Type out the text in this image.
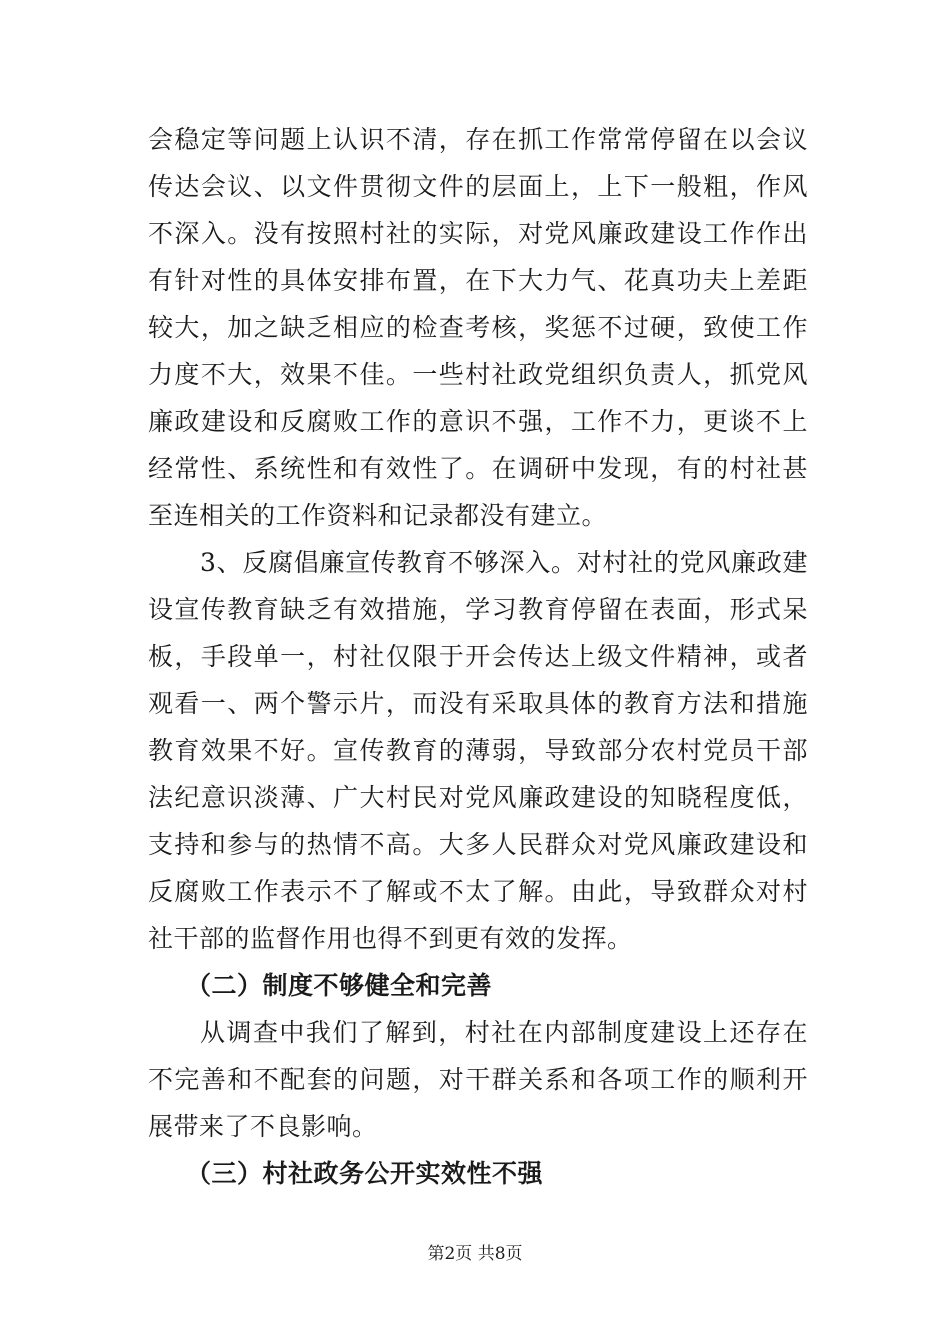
会稳定等问题上认识不清，存在抓工作常常停留在以会议
传达会议、以文件贯彻文件的层面上，上下一般粗，作风
不深入。没有按照村社的实际，对党风廉政建设工作作出
有针对性的具体安排布置，在下大力气、花真功夫上差距
较大，加之缺乏相应的检查考核，奖惩不过硬，致使工作
力度不大，效果不佳。一些村社政党组织负责人，抓党风
廉政建设和反腐败工作的意识不强，工作不力，更谈不上
经常性、系统性和有效性了。在调研中发现，有的村社甚
至连相关的工作资料和记录都没有建立。
3、反腐倡廉宣传教育不够深入。对村社的党风廉政建
设宣传教育缺乏有效措施，学习教育停留在表面，形式呆
板，手段单一，村社仅限于开会传达上级文件精神，或者
观看一、两个警示片，而没有采取具体的教育方法和措施
教育效果不好。宣传教育的薄弱，导致部分农村党员干部
法纪意识淡薄、广大村民对党风廉政建设的知晓程度低，
支持和参与的热情不高。大多人民群众对党风廉政建设和
反腐败工作表示不了解或不太了解。由此，导致群众对村
社干部的监督作用也得不到更有效的发挥。
（二）制度不够健全和完善
从调查中我们了解到，村社在内部制度建设上还存在
不完善和不配套的问题，对干群关系和各项工作的顺利开
展带来了不良影响。
（三）村社政务公开实效性不强
第2页 共8页
